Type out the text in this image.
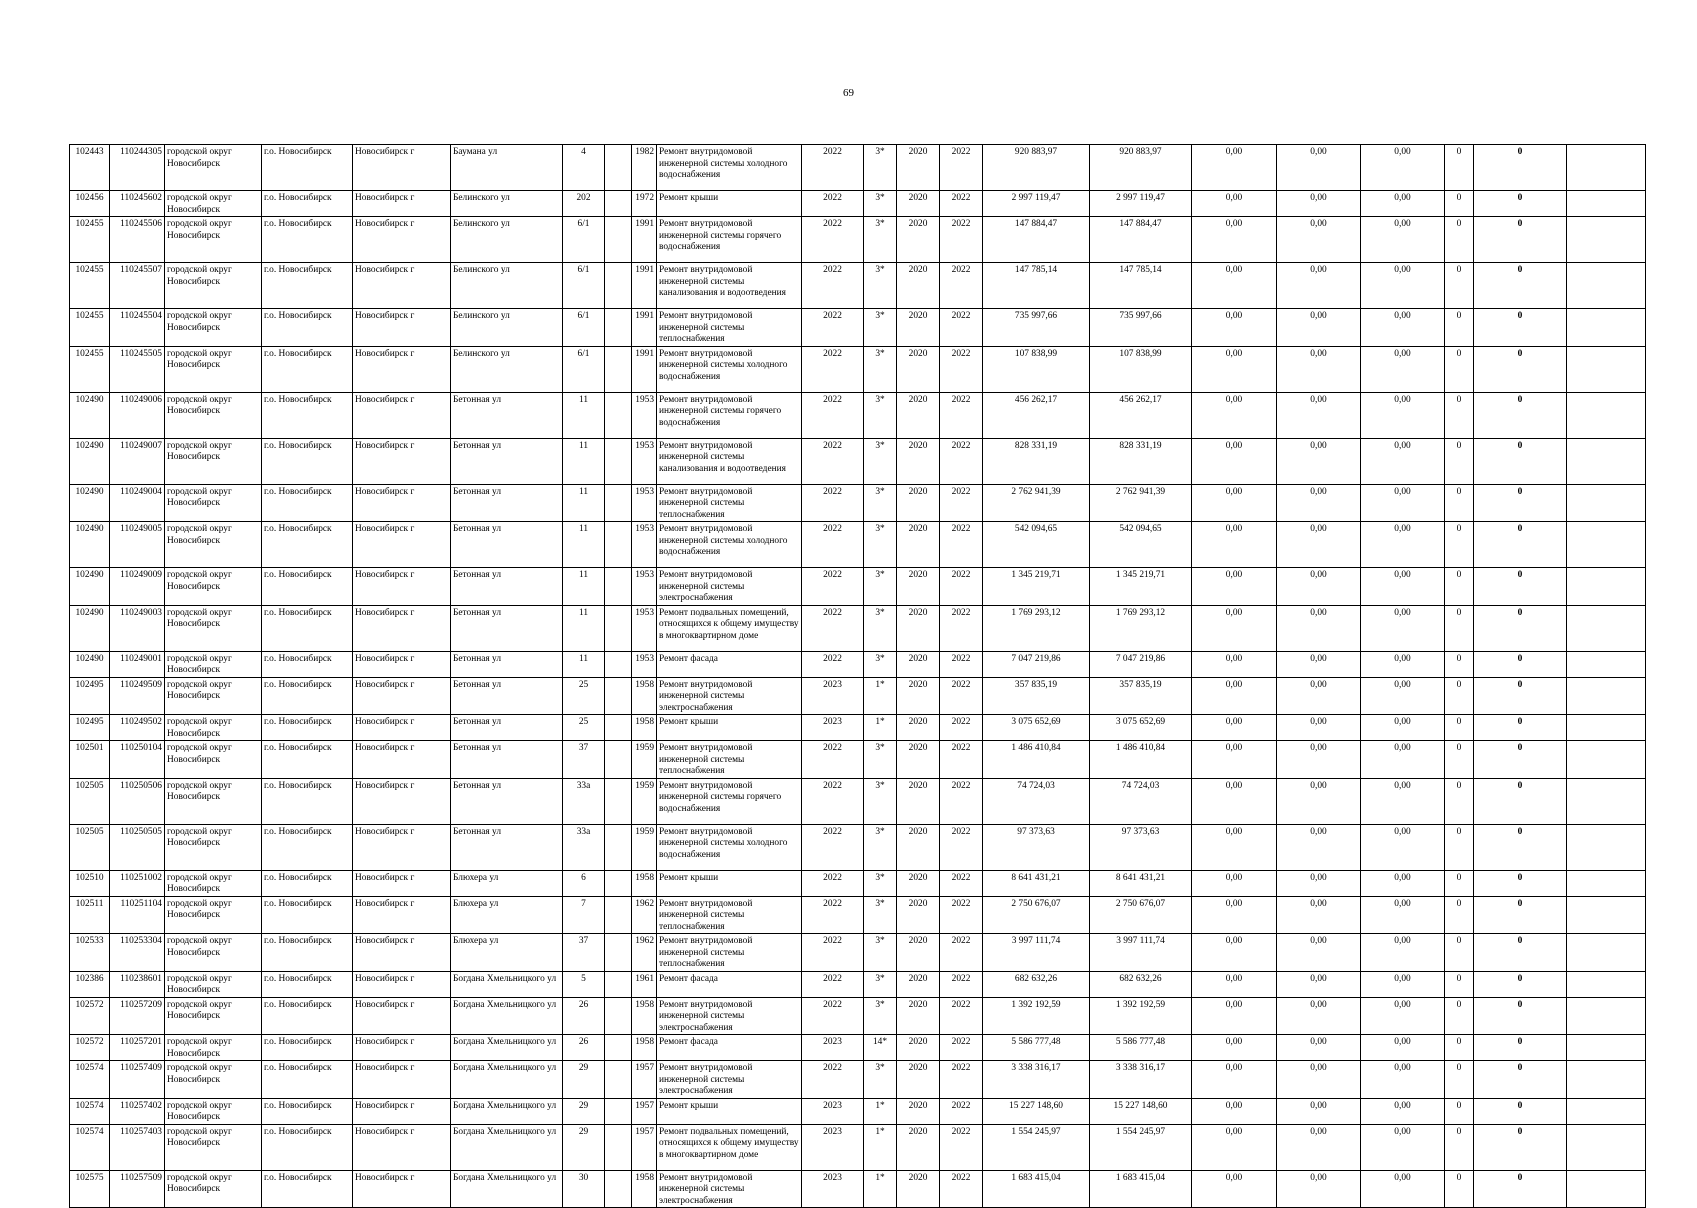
69
102443	110244305	городской округ Новосибирск	г.о. Новосибирск	Новосибирск г	Баумана ул	4		1982	Ремонт внутридомовой инженерной системы холодного водоснабжения	2022	3*	2020	2022	920 883,97	920 883,97	0,00	0,00	0,00	0	0	
102456	110245602	городской округ Новосибирск	г.о. Новосибирск	Новосибирск г	Белинского ул	202		1972	Ремонт крыши	2022	3*	2020	2022	2 997 119,47	2 997 119,47	0,00	0,00	0,00	0	0	
102455	110245506	городской округ Новосибирск	г.о. Новосибирск	Новосибирск г	Белинского ул	6/1		1991	Ремонт внутридомовой инженерной системы горячего водоснабжения	2022	3*	2020	2022	147 884,47	147 884,47	0,00	0,00	0,00	0	0	
102455	110245507	городской округ Новосибирск	г.о. Новосибирск	Новосибирск г	Белинского ул	6/1		1991	Ремонт внутридомовой инженерной системы канализования и водоотведения	2022	3*	2020	2022	147 785,14	147 785,14	0,00	0,00	0,00	0	0	
102455	110245504	городской округ Новосибирск	г.о. Новосибирск	Новосибирск г	Белинского ул	6/1		1991	Ремонт внутридомовой инженерной системы теплоснабжения	2022	3*	2020	2022	735 997,66	735 997,66	0,00	0,00	0,00	0	0	
102455	110245505	городской округ Новосибирск	г.о. Новосибирск	Новосибирск г	Белинского ул	6/1		1991	Ремонт внутридомовой инженерной системы холодного водоснабжения	2022	3*	2020	2022	107 838,99	107 838,99	0,00	0,00	0,00	0	0	
102490	110249006	городской округ Новосибирск	г.о. Новосибирск	Новосибирск г	Бетонная ул	11		1953	Ремонт внутридомовой инженерной системы горячего водоснабжения	2022	3*	2020	2022	456 262,17	456 262,17	0,00	0,00	0,00	0	0	
102490	110249007	городской округ Новосибирск	г.о. Новосибирск	Новосибирск г	Бетонная ул	11		1953	Ремонт внутридомовой инженерной системы канализования и водоотведения	2022	3*	2020	2022	828 331,19	828 331,19	0,00	0,00	0,00	0	0	
102490	110249004	городской округ Новосибирск	г.о. Новосибирск	Новосибирск г	Бетонная ул	11		1953	Ремонт внутридомовой инженерной системы теплоснабжения	2022	3*	2020	2022	2 762 941,39	2 762 941,39	0,00	0,00	0,00	0	0	
102490	110249005	городской округ Новосибирск	г.о. Новосибирск	Новосибирск г	Бетонная ул	11		1953	Ремонт внутридомовой инженерной системы холодного водоснабжения	2022	3*	2020	2022	542 094,65	542 094,65	0,00	0,00	0,00	0	0	
102490	110249009	городской округ Новосибирск	г.о. Новосибирск	Новосибирск г	Бетонная ул	11		1953	Ремонт внутридомовой инженерной системы электроснабжения	2022	3*	2020	2022	1 345 219,71	1 345 219,71	0,00	0,00	0,00	0	0	
102490	110249003	городской округ Новосибирск	г.о. Новосибирск	Новосибирск г	Бетонная ул	11		1953	Ремонт подвальных помещений, относящихся к общему имуществу в многоквартирном доме	2022	3*	2020	2022	1 769 293,12	1 769 293,12	0,00	0,00	0,00	0	0	
102490	110249001	городской округ Новосибирск	г.о. Новосибирск	Новосибирск г	Бетонная ул	11		1953	Ремонт фасада	2022	3*	2020	2022	7 047 219,86	7 047 219,86	0,00	0,00	0,00	0	0	
102495	110249509	городской округ Новосибирск	г.о. Новосибирск	Новосибирск г	Бетонная ул	25		1958	Ремонт внутридомовой инженерной системы электроснабжения	2023	1*	2020	2022	357 835,19	357 835,19	0,00	0,00	0,00	0	0	
102495	110249502	городской округ Новосибирск	г.о. Новосибирск	Новосибирск г	Бетонная ул	25		1958	Ремонт крыши	2023	1*	2020	2022	3 075 652,69	3 075 652,69	0,00	0,00	0,00	0	0	
102501	110250104	городской округ Новосибирск	г.о. Новосибирск	Новосибирск г	Бетонная ул	37		1959	Ремонт внутридомовой инженерной системы теплоснабжения	2022	3*	2020	2022	1 486 410,84	1 486 410,84	0,00	0,00	0,00	0	0	
102505	110250506	городской округ Новосибирск	г.о. Новосибирск	Новосибирск г	Бетонная ул	33а		1959	Ремонт внутридомовой инженерной системы горячего водоснабжения	2022	3*	2020	2022	74 724,03	74 724,03	0,00	0,00	0,00	0	0	
102505	110250505	городской округ Новосибирск	г.о. Новосибирск	Новосибирск г	Бетонная ул	33а		1959	Ремонт внутридомовой инженерной системы холодного водоснабжения	2022	3*	2020	2022	97 373,63	97 373,63	0,00	0,00	0,00	0	0	
102510	110251002	городской округ Новосибирск	г.о. Новосибирск	Новосибирск г	Блюхера ул	6		1958	Ремонт крыши	2022	3*	2020	2022	8 641 431,21	8 641 431,21	0,00	0,00	0,00	0	0	
102511	110251104	городской округ Новосибирск	г.о. Новосибирск	Новосибирск г	Блюхера ул	7		1962	Ремонт внутридомовой инженерной системы теплоснабжения	2022	3*	2020	2022	2 750 676,07	2 750 676,07	0,00	0,00	0,00	0	0	
102533	110253304	городской округ Новосибирск	г.о. Новосибирск	Новосибирск г	Блюхера ул	37		1962	Ремонт внутридомовой инженерной системы теплоснабжения	2022	3*	2020	2022	3 997 111,74	3 997 111,74	0,00	0,00	0,00	0	0	
102386	110238601	городской округ Новосибирск	г.о. Новосибирск	Новосибирск г	Богдана Хмельницкого ул	5		1961	Ремонт фасада	2022	3*	2020	2022	682 632,26	682 632,26	0,00	0,00	0,00	0	0	
102572	110257209	городской округ Новосибирск	г.о. Новосибирск	Новосибирск г	Богдана Хмельницкого ул	26		1958	Ремонт внутридомовой инженерной системы электроснабжения	2022	3*	2020	2022	1 392 192,59	1 392 192,59	0,00	0,00	0,00	0	0	
102572	110257201	городской округ Новосибирск	г.о. Новосибирск	Новосибирск г	Богдана Хмельницкого ул	26		1958	Ремонт фасада	2023	14*	2020	2022	5 586 777,48	5 586 777,48	0,00	0,00	0,00	0	0	
102574	110257409	городской округ Новосибирск	г.о. Новосибирск	Новосибирск г	Богдана Хмельницкого ул	29		1957	Ремонт внутридомовой инженерной системы электроснабжения	2022	3*	2020	2022	3 338 316,17	3 338 316,17	0,00	0,00	0,00	0	0	
102574	110257402	городской округ Новосибирск	г.о. Новосибирск	Новосибирск г	Богдана Хмельницкого ул	29		1957	Ремонт крыши	2023	1*	2020	2022	15 227 148,60	15 227 148,60	0,00	0,00	0,00	0	0	
102574	110257403	городской округ Новосибирск	г.о. Новосибирск	Новосибирск г	Богдана Хмельницкого ул	29		1957	Ремонт подвальных помещений, относящихся к общему имуществу в многоквартирном доме	2023	1*	2020	2022	1 554 245,97	1 554 245,97	0,00	0,00	0,00	0	0	
102575	110257509	городской округ Новосибирск	г.о. Новосибирск	Новосибирск г	Богдана Хмельницкого ул	30		1958	Ремонт внутридомовой инженерной системы электроснабжения	2023	1*	2020	2022	1 683 415,04	1 683 415,04	0,00	0,00	0,00	0	0	
